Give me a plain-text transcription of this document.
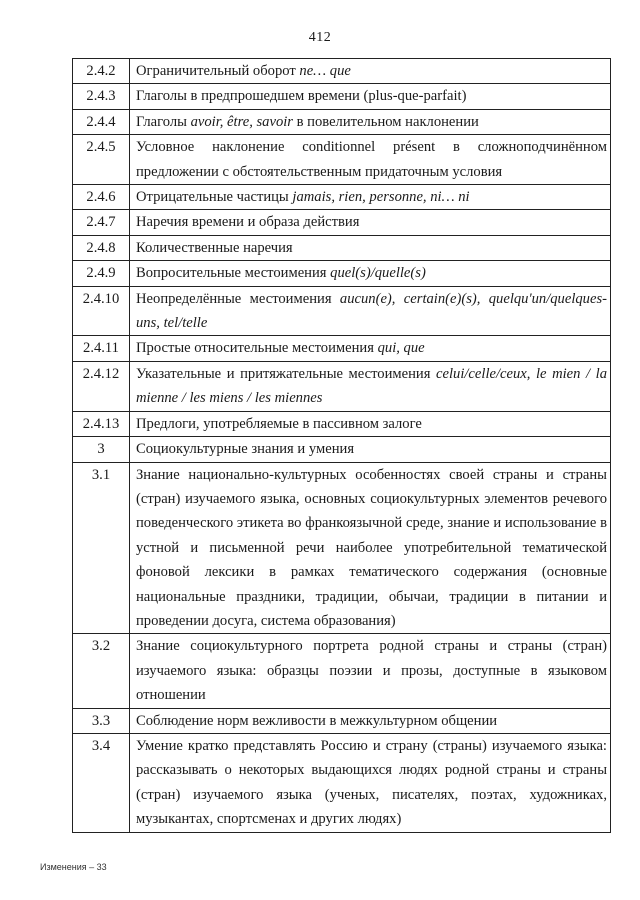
412
2.4.2	Ограничительный оборот ne… que
2.4.3	Глаголы в предпрошедшем времени (plus-que-parfait)
2.4.4	Глаголы avoir, être, savoir в повелительном наклонении
2.4.5	Условное наклонение conditionnel présent в сложноподчинённом предложении с обстоятельственным придаточным условия
2.4.6	Отрицательные частицы jamais, rien, personne, ni… ni
2.4.7	Наречия времени и образа действия
2.4.8	Количественные наречия
2.4.9	Вопросительные местоимения quel(s)/quelle(s)
2.4.10	Неопределённые местоимения aucun(e), certain(e)(s), quelqu'un/quelques-uns, tel/telle
2.4.11	Простые относительные местоимения qui, que
2.4.12	Указательные и притяжательные местоимения celui/celle/ceux, le mien / la mienne / les miens / les miennes
2.4.13	Предлоги, употребляемые в пассивном залоге
3	Социокультурные знания и умения
3.1	Знание национально-культурных особенностях своей страны и страны (стран) изучаемого языка, основных социокультурных элементов речевого поведенческого этикета во франкоязычной среде, знание и использование в устной и письменной речи наиболее употребительной тематической фоновой лексики в рамках тематического содержания (основные национальные праздники, традиции, обычаи, традиции в питании и проведении досуга, система образования)
3.2	Знание социокультурного портрета родной страны и страны (стран) изучаемого языка: образцы поэзии и прозы, доступные в языковом отношении
3.3	Соблюдение норм вежливости в межкультурном общении
3.4	Умение кратко представлять Россию и страну (страны) изучаемого языка: рассказывать о некоторых выдающихся людях родной страны и страны (стран) изучаемого языка (ученых, писателях, поэтах, художниках, музыкантах, спортсменах и других людях)
Изменения – 33
